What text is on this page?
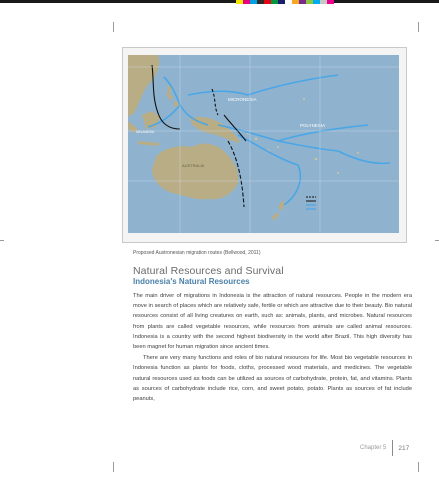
MICRONESIA
POLYNESIA
MELANESIA
AUSTRALIA
Proposed Austronesian migration routes (Bellwood, 2011)
Natural Resources and Survival
Indonesia's Natural Resources

The main driver of migrations in Indonesia is the attraction of natural resources. People in the modern era move in search of places which are relatively safe, fertile or which are attractive due to their beauty. Bio natural resources consist of all living creatures on earth, such as: animals, plants, and microbes. Natural resources from plants are called vegetable resources, while resources from animals are called animal resources. Indonesia is a country with the second highest biodiversity in the world after Brazil. This high diversity has been magnet for human migration since ancient times.

There are very many functions and roles of bio natural resources for life. Most bio vegetable resources in Indonesia function as plants for foods, cloths, processed wood materials, and medicines. The vegetable natural resources used as foods can be utilized as sources of carbohydrate, protein, fat, and vitamins. Plants as sources of carbohydrate include rice, corn, and sweet potato, potato. Plants as sources of fat include peanuts,

Chapter 5 217
